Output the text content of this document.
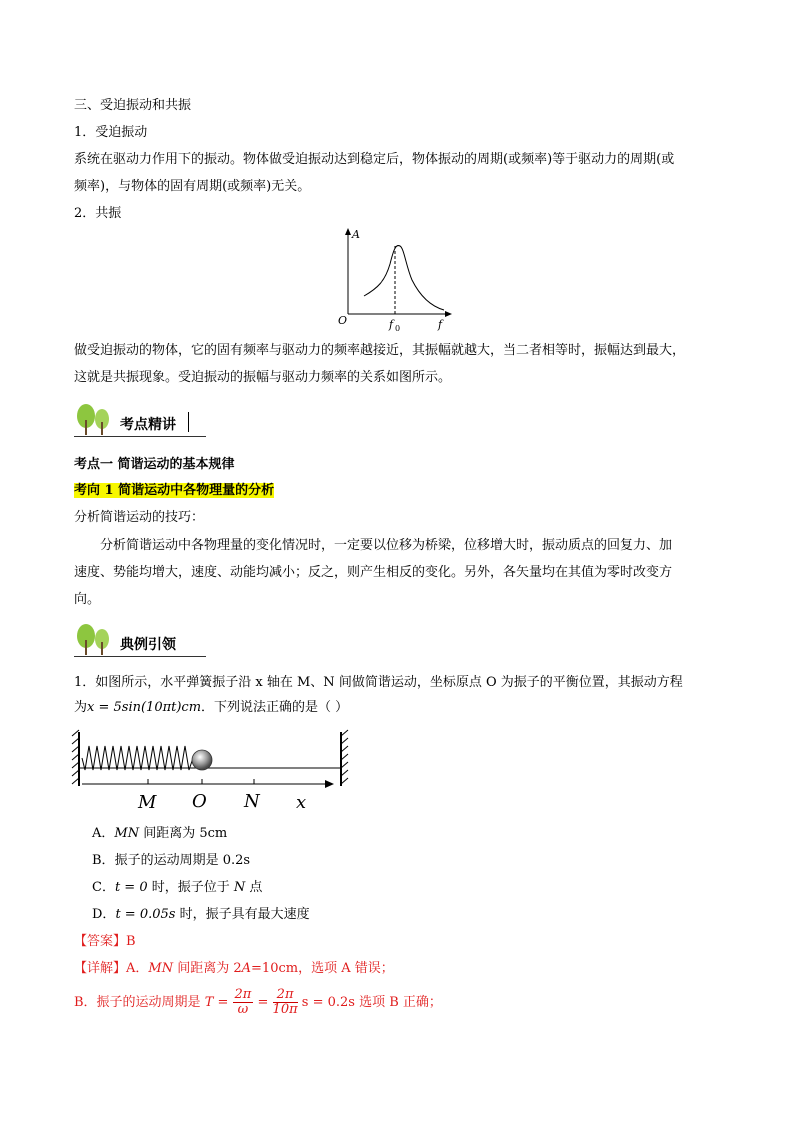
三、受迫振动和共振
1．受迫振动
系统在驱动力作用下的振动。物体做受迫振动达到稳定后，物体振动的周期(或频率)等于驱动力的周期(或
频率)，与物体的固有周期(或频率)无关。
2．共振
A
O	f 0	f
做受迫振动的物体，它的固有频率与驱动力的频率越接近，其振幅就越大，当二者相等时，振幅达到最大，
这就是共振现象。受迫振动的振幅与驱动力频率的关系如图所示。
考点精讲
考点一 简谐运动的基本规律
考向 1 简谐运动中各物理量的分析
分析简谐运动的技巧：
分析简谐运动中各物理量的变化情况时，一定要以位移为桥梁，位移增大时，振动质点的回复力、加
速度、势能均增大，速度、动能均减小；反之，则产生相反的变化。另外，各矢量均在其值为零时改变方
向。
典例引领
1．如图所示，水平弹簧振子沿 x 轴在 M、N 间做简谐运动，坐标原点 O 为振子的平衡位置，其振动方程
为x = 5sin(10πt)cm．下列说法正确的是（ ）
M O N x
A．MN 间距离为 5cm
B．振子的运动周期是 0.2s
C．t = 0 时，振子位于 N 点
D．t = 0.05s 时，振子具有最大速度
【答案】B
【详解】A．MN 间距离为 2A=10cm，选项 A 错误；
B．振子的运动周期是 $T = \frac{2\pi}{\omega} = \frac{2\pi}{10\pi}$ s = 0.2s 选项 B 正确；
